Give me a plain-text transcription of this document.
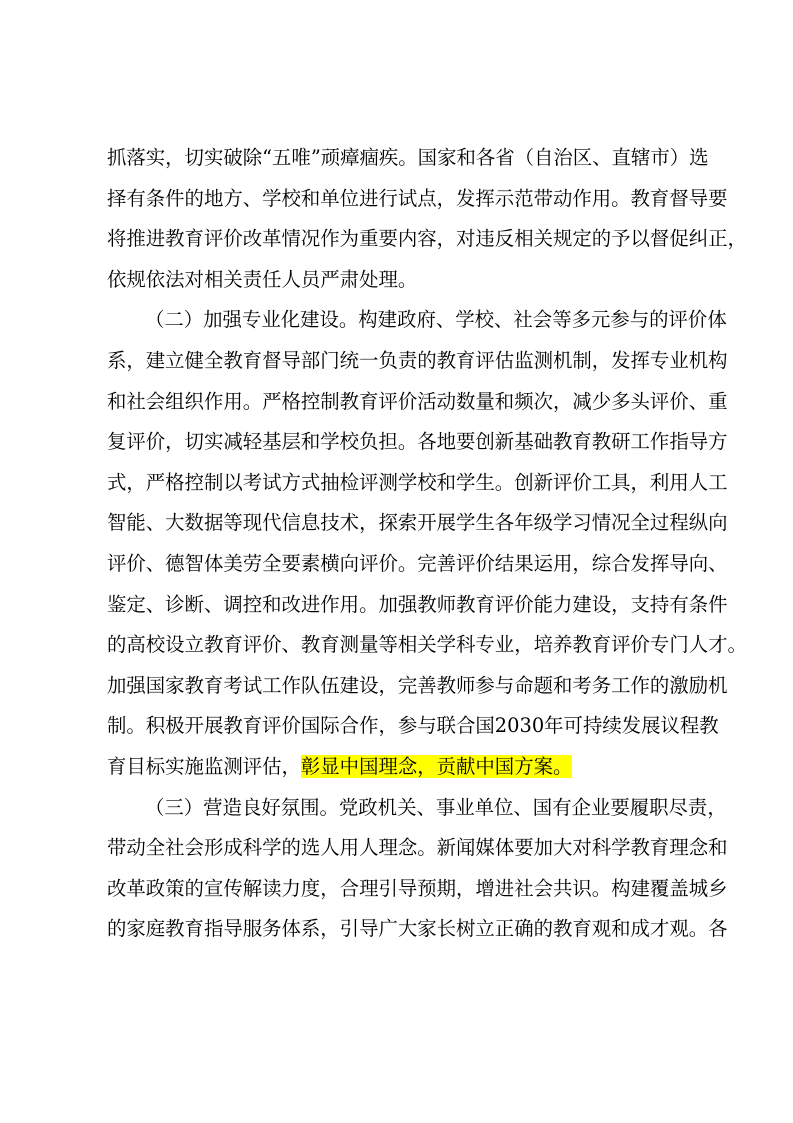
抓落实，切实破除“五唯”顽瘴痼疾。国家和各省（自治区、直辖市）选
择有条件的地方、学校和单位进行试点，发挥示范带动作用。教育督导要
将推进教育评价改革情况作为重要内容，对违反相关规定的予以督促纠正，
依规依法对相关责任人员严肃处理。
（二）加强专业化建设。构建政府、学校、社会等多元参与的评价体
系，建立健全教育督导部门统一负责的教育评估监测机制，发挥专业机构
和社会组织作用。严格控制教育评价活动数量和频次，减少多头评价、重
复评价，切实减轻基层和学校负担。各地要创新基础教育教研工作指导方
式，严格控制以考试方式抽检评测学校和学生。创新评价工具，利用人工
智能、大数据等现代信息技术，探索开展学生各年级学习情况全过程纵向
评价、德智体美劳全要素横向评价。完善评价结果运用，综合发挥导向、
鉴定、诊断、调控和改进作用。加强教师教育评价能力建设，支持有条件
的高校设立教育评价、教育测量等相关学科专业，培养教育评价专门人才。
加强国家教育考试工作队伍建设，完善教师参与命题和考务工作的激励机
制。积极开展教育评价国际合作，参与联合国2030年可持续发展议程教
育目标实施监测评估，彰显中国理念，贡献中国方案。
（三）营造良好氛围。党政机关、事业单位、国有企业要履职尽责，
带动全社会形成科学的选人用人理念。新闻媒体要加大对科学教育理念和
改革政策的宣传解读力度，合理引导预期，增进社会共识。构建覆盖城乡
的家庭教育指导服务体系，引导广大家长树立正确的教育观和成才观。各
